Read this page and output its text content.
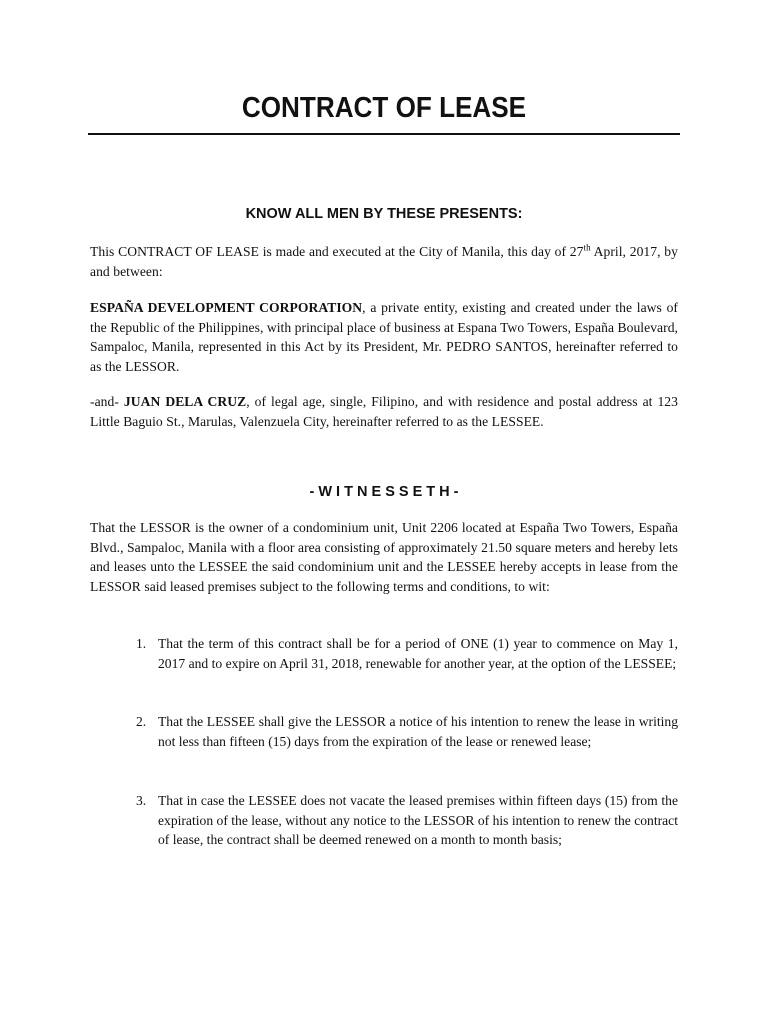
CONTRACT OF LEASE
KNOW ALL MEN BY THESE PRESENTS:

This CONTRACT OF LEASE is made and executed at the City of Manila, this day of 27th April, 2017, by and between:

ESPAÑA DEVELOPMENT CORPORATION, a private entity, existing and created under the laws of the Republic of the Philippines, with principal place of business at Espana Two Towers, España Boulevard, Sampaloc, Manila, represented in this Act by its President, Mr. PEDRO SANTOS, hereinafter referred to as the LESSOR.

-and- JUAN DELA CRUZ, of legal age, single, Filipino, and with residence and postal address at 123 Little Baguio St., Marulas, Valenzuela City, hereinafter referred to as the LESSEE.

- W I T N E S S E T H -

That the LESSOR is the owner of a condominium unit, Unit 2206 located at España Two Towers, España Blvd., Sampaloc, Manila with a floor area consisting of approximately 21.50 square meters and hereby lets and leases unto the LESSEE the said condominium unit and the LESSEE hereby accepts in lease from the LESSOR said leased premises subject to the following terms and conditions, to wit:

1. That the term of this contract shall be for a period of ONE (1) year to commence on May 1, 2017 and to expire on April 31, 2018, renewable for another year, at the option of the LESSEE;
2. That the LESSEE shall give the LESSOR a notice of his intention to renew the lease in writing not less than fifteen (15) days from the expiration of the lease or renewed lease;
3. That in case the LESSEE does not vacate the leased premises within fifteen days (15) from the expiration of the lease, without any notice to the LESSOR of his intention to renew the contract of lease, the contract shall be deemed renewed on a month to month basis;
